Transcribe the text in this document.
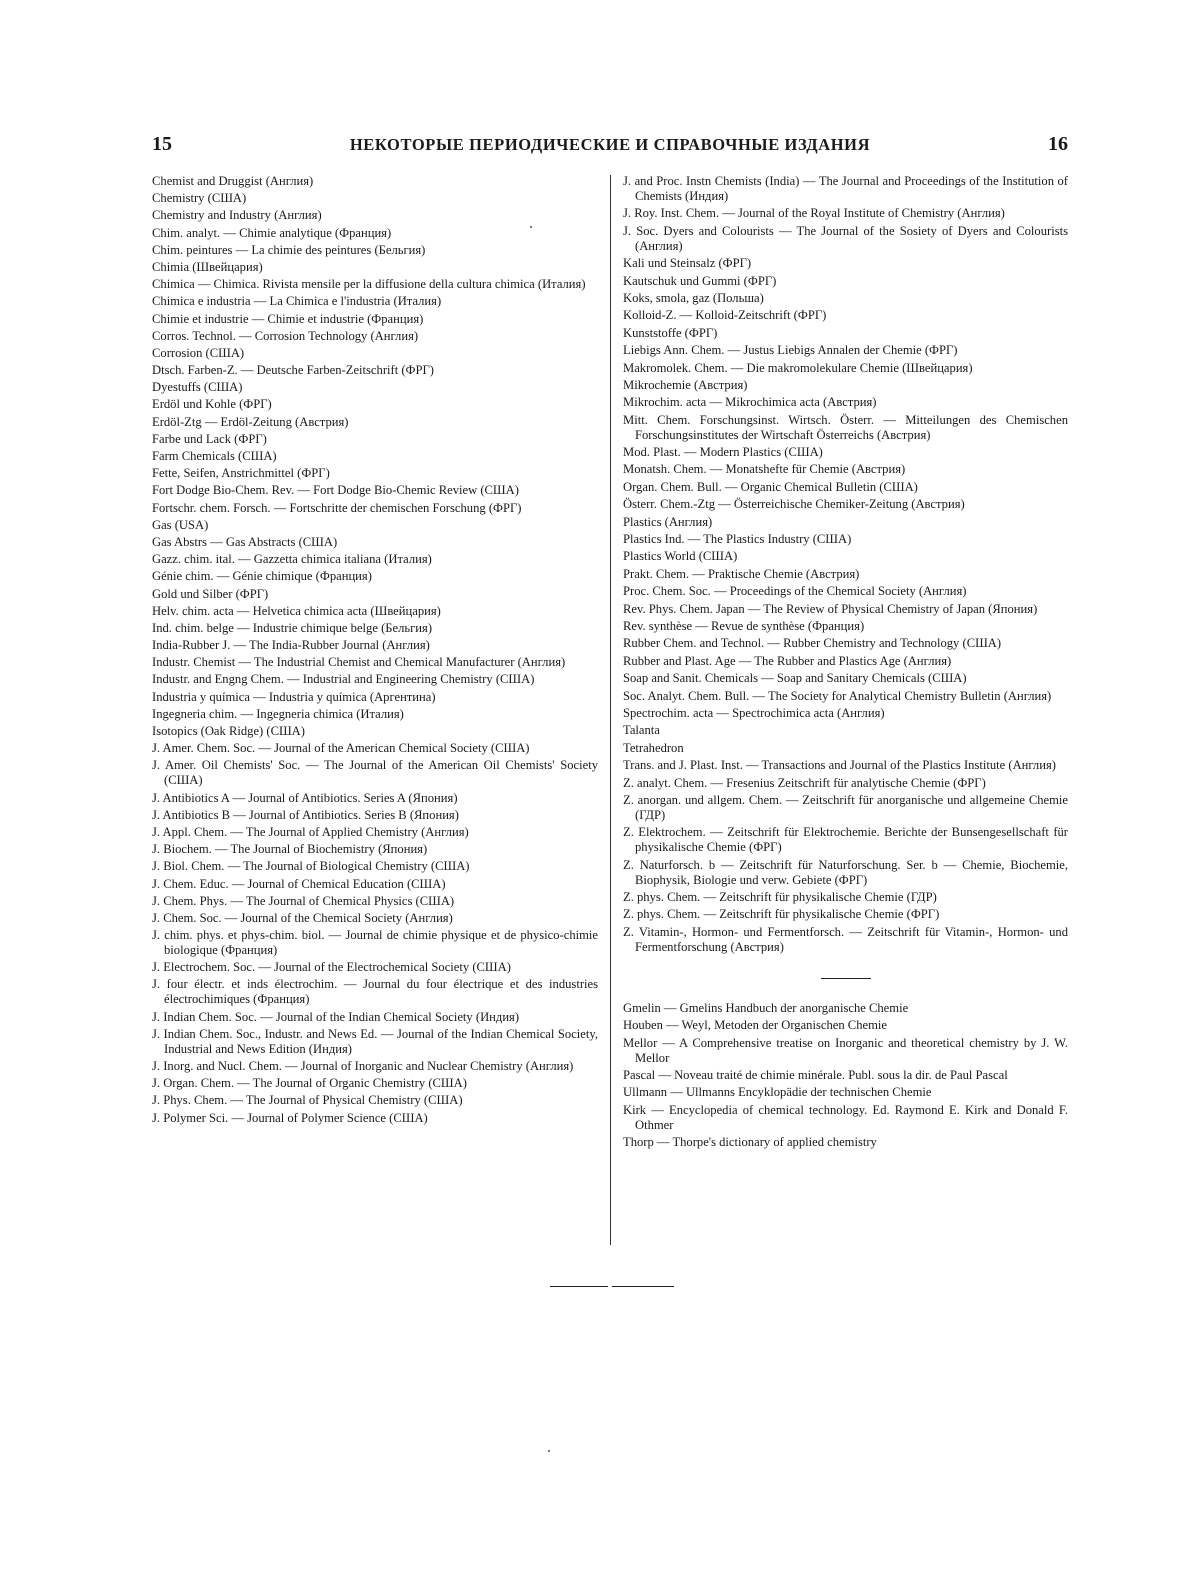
15	НЕКОТОРЫЕ ПЕРИОДИЧЕСКИЕ И СПРАВОЧНЫЕ ИЗДАНИЯ	16
Chemist and Druggist (Англия)
Chemistry (США)
Chemistry and Industry (Англия)
Chim. analyt. — Chimie analytique (Франция)
Chim. peintures — La chimie des peintures (Бельгия)
Chimia (Швейцария)
Chimica — Chimica. Rivista mensile per la diffusione della cultura chimica (Италия)
Chimica e industria — La Chimica e l'industria (Италия)
Chimie et industrie — Chimie et industrie (Франция)
Corros. Technol. — Corrosion Technology (Англия)
Corrosion (США)
Dtsch. Farben-Z. — Deutsche Farben-Zeitschrift (ФРГ)
Dyestuffs (США)
Erdöl und Kohle (ФРГ)
Erdöl-Ztg — Erdöl-Zeitung (Австрия)
Farbe und Lack (ФРГ)
Farm Chemicals (США)
Fette, Seifen, Anstrichmittel (ФРГ)
Fort Dodge Bio-Chem. Rev. — Fort Dodge Bio-Chemic Review (США)
Fortschr. chem. Forsch. — Fortschritte der chemischen Forschung (ФРГ)
Gas (USA)
Gas Abstrs — Gas Abstracts (США)
Gazz. chim. ital. — Gazzetta chimica italiana (Италия)
Génie chim. — Génie chimique (Франция)
Gold und Silber (ФРГ)
Helv. chim. acta — Helvetica chimica acta (Швейцария)
Ind. chim. belge — Industrie chimique belge (Бельгия)
India-Rubber J. — The India-Rubber Journal (Англия)
Industr. Chemist — The Industrial Chemist and Chemical Manufacturer (Англия)
Industr. and Engng Chem. — Industrial and Engineering Chemistry (США)
Industria y química — Industria y química (Аргентина)
Ingegneria chim. — Ingegneria chimica (Италия)
Isotopics (Oak Ridge) (США)
J. Amer. Chem. Soc. — Journal of the American Chemical Society (США)
J. Amer. Oil Chemists' Soc. — The Journal of the American Oil Chemists' Society (США)
J. Antibiotics A — Journal of Antibiotics. Series A (Япония)
J. Antibiotics B — Journal of Antibiotics. Series B (Япония)
J. Appl. Chem. — The Journal of Applied Chemistry (Англия)
J. Biochem. — The Journal of Biochemistry (Япония)
J. Biol. Chem. — The Journal of Biological Chemistry (США)
J. Chem. Educ. — Journal of Chemical Education (США)
J. Chem. Phys. — The Journal of Chemical Physics (США)
J. Chem. Soc. — Journal of the Chemical Society (Англия)
J. chim. phys. et phys-chim. biol. — Journal de chimie physique et de physico-chimie biologique (Франция)
J. Electrochem. Soc. — Journal of the Electrochemical Society (США)
J. four électr. et inds électrochim. — Journal du four électrique et des industries électrochimiques (Франция)
J. Indian Chem. Soc. — Journal of the Indian Chemical Society (Индия)
J. Indian Chem. Soc., Industr. and News Ed. — Journal of the Indian Chemical Society, Industrial and News Edition (Индия)
J. Inorg. and Nucl. Chem. — Journal of Inorganic and Nuclear Chemistry (Англия)
J. Organ. Chem. — The Journal of Organic Chemistry (США)
J. Phys. Chem. — The Journal of Physical Chemistry (США)
J. Polymer Sci. — Journal of Polymer Science (США)
J. and Proc. Instn Chemists (India) — The Journal and Proceedings of the Institution of Chemists (Индия)
J. Roy. Inst. Chem. — Journal of the Royal Institute of Chemistry (Англия)
J. Soc. Dyers and Colourists — The Journal of the Sosiety of Dyers and Colourists (Англия)
Kali und Steinsalz (ФРГ)
Kautschuk und Gummi (ФРГ)
Koks, smola, gaz (Польша)
Kolloid-Z. — Kolloid-Zeitschrift (ФРГ)
Kunststoffe (ФРГ)
Liebigs Ann. Chem. — Justus Liebigs Annalen der Chemie (ФРГ)
Makromolek. Chem. — Die makromolekulare Chemie (Швейцария)
Mikrochemie (Австрия)
Mikrochim. acta — Mikrochimica acta (Австрия)
Mitt. Chem. Forschungsinst. Wirtsch. Österr. — Mitteilungen des Chemischen Forschungsinstitutes der Wirtschaft Österreichs (Австрия)
Mod. Plast. — Modern Plastics (США)
Monatsh. Chem. — Monatshefte für Chemie (Австрия)
Organ. Chem. Bull. — Organic Chemical Bulletin (США)
Österr. Chem.-Ztg — Österreichische Chemiker-Zeitung (Австрия)
Plastics (Англия)
Plastics Ind. — The Plastics Industry (США)
Plastics World (США)
Prakt. Chem. — Praktische Chemie (Австрия)
Proc. Chem. Soc. — Proceedings of the Chemical Society (Англия)
Rev. Phys. Chem. Japan — The Review of Physical Chemistry of Japan (Япония)
Rev. synthèse — Revue de synthèse (Франция)
Rubber Chem. and Technol. — Rubber Chemistry and Technology (США)
Rubber and Plast. Age — The Rubber and Plastics Age (Англия)
Soap and Sanit. Chemicals — Soap and Sanitary Chemicals (США)
Soc. Analyt. Chem. Bull. — The Society for Analytical Chemistry Bulletin (Англия)
Spectrochim. acta — Spectrochimica acta (Англия)
Talanta
Tetrahedron
Trans. and J. Plast. Inst. — Transactions and Journal of the Plastics Institute (Англия)
Z. analyt. Chem. — Fresenius Zeitschrift für analytische Chemie (ФРГ)
Z. anorgan. und allgem. Chem. — Zeitschrift für anorganische und allgemeine Chemie (ГДР)
Z. Elektrochem. — Zeitschrift für Elektrochemie. Berichte der Bunsengesellschaft für physikalische Chemie (ФРГ)
Z. Naturforsch. b — Zeitschrift für Naturforschung. Ser. b — Chemie, Biochemie, Biophysik, Biologie und verw. Gebiete (ФРГ)
Z. phys. Chem. — Zeitschrift für physikalische Chemie (ГДР)
Z. phys. Chem. — Zeitschrift für physikalische Chemie (ФРГ)
Z. Vitamin-, Hormon- und Fermentforsch. — Zeitschrift für Vitamin-, Hormon- und Fermentforschung (Австрия)
Gmelin — Gmelins Handbuch der anorganische Chemie
Houben — Weyl, Metoden der Organischen Chemie
Mellor — A Comprehensive treatise on Inorganic and theoretical chemistry by J. W. Mellor
Pascal — Noveau traité de chimie minérale. Publ. sous la dir. de Paul Pascal
Ullmann — Ullmanns Encyklopädie der technischen Chemie
Kirk — Encyclopedia of chemical technology. Ed. Raymond E. Kirk and Donald F. Othmer
Thorp — Thorpe's dictionary of applied chemistry
